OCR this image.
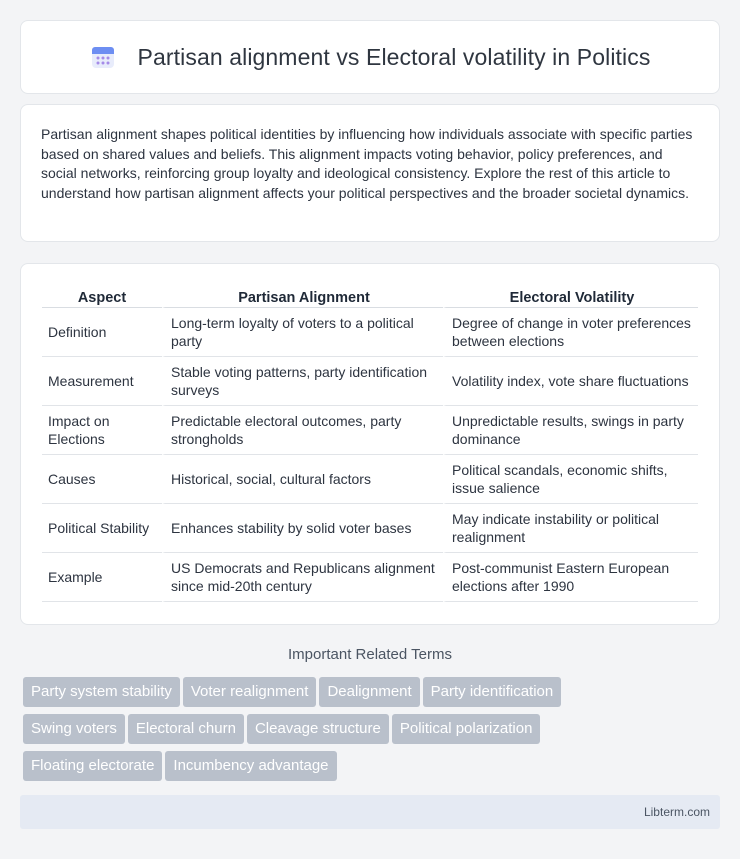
Partisan alignment vs Electoral volatility in Politics

Partisan alignment shapes political identities by influencing how individuals associate with specific parties based on shared values and beliefs. This alignment impacts voting behavior, policy preferences, and social networks, reinforcing group loyalty and ideological consistency. Explore the rest of this article to understand how partisan alignment affects your political perspectives and the broader societal dynamics.

Aspect	Partisan Alignment	Electoral Volatility
Definition	Long-term loyalty of voters to a political party	Degree of change in voter preferences between elections
Measurement	Stable voting patterns, party identification surveys	Volatility index, vote share fluctuations
Impact on Elections	Predictable electoral outcomes, party strongholds	Unpredictable results, swings in party dominance
Causes	Historical, social, cultural factors	Political scandals, economic shifts, issue salience
Political Stability	Enhances stability by solid voter bases	May indicate instability or political realignment
Example	US Democrats and Republicans alignment since mid-20th century	Post-communist Eastern European elections after 1990
Important Related Terms
Party system stability Voter realignment Dealignment Party identification
Swing voters Electoral churn Cleavage structure Political polarization
Floating electorate Incumbency advantage
Libterm.com
